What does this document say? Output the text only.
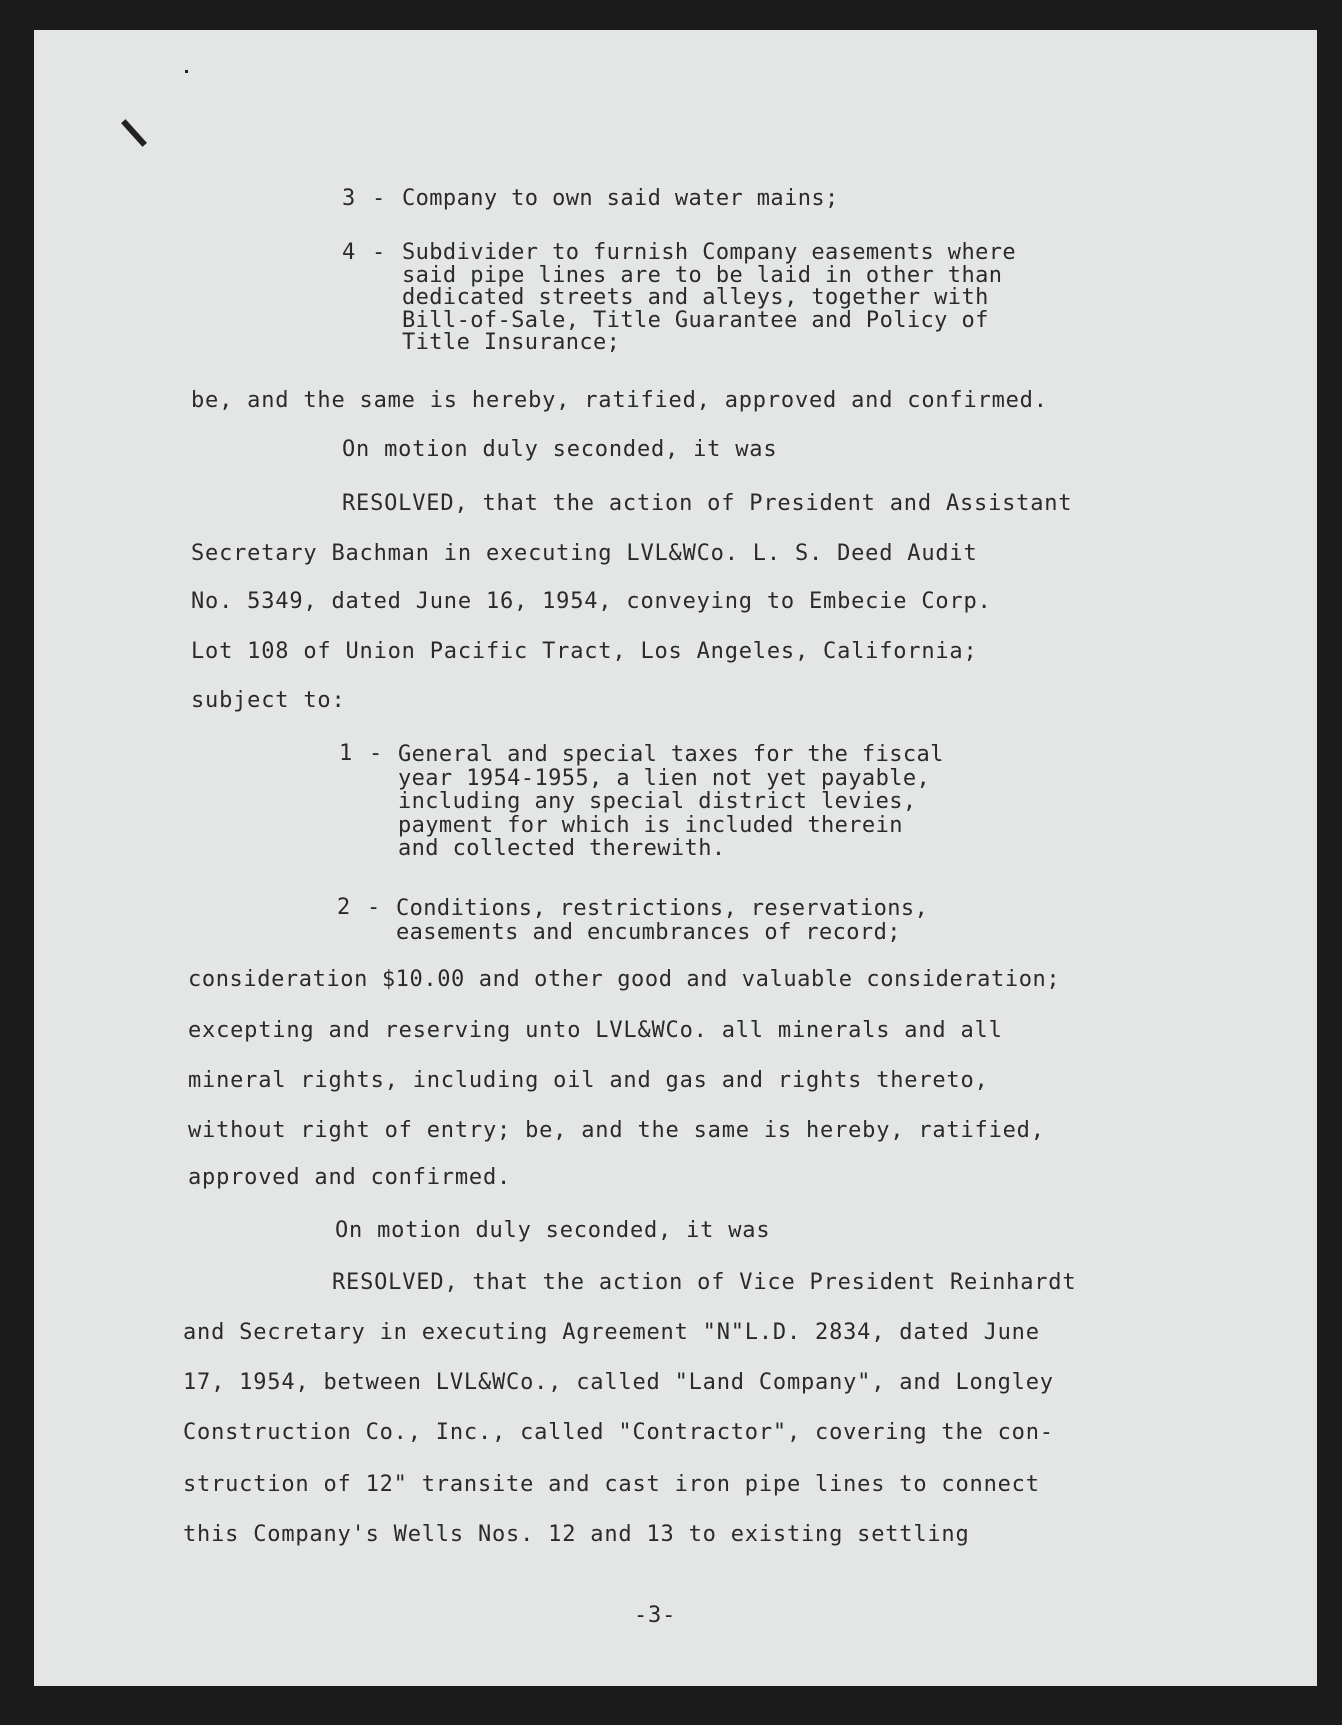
3 - Company to own said water mains;
4 - Subdivider to furnish Company easements where
said pipe lines are to be laid in other than
dedicated streets and alleys, together with
Bill-of-Sale, Title Guarantee and Policy of
Title Insurance;
be, and the same is hereby, ratified, approved and confirmed.
On motion duly seconded, it was
RESOLVED, that the action of President and Assistant
Secretary Bachman in executing LVL&WCo. L. S. Deed Audit
No. 5349, dated June 16, 1954, conveying to Embecie Corp.
Lot 108 of Union Pacific Tract, Los Angeles, California;
subject to:
1 - General and special taxes for the fiscal
year 1954-1955, a lien not yet payable,
including any special district levies,
payment for which is included therein
and collected therewith.
2 - Conditions, restrictions, reservations,
easements and encumbrances of record;
consideration $10.00 and other good and valuable consideration;
excepting and reserving unto LVL&WCo. all minerals and all
mineral rights, including oil and gas and rights thereto,
without right of entry; be, and the same is hereby, ratified,
approved and confirmed.
On motion duly seconded, it was
RESOLVED, that the action of Vice President Reinhardt
and Secretary in executing Agreement "N"L.D. 2834, dated June
17, 1954, between LVL&WCo., called "Land Company", and Longley
Construction Co., Inc., called "Contractor", covering the con-
struction of 12" transite and cast iron pipe lines to connect
this Company's Wells Nos. 12 and 13 to existing settling
-3-
